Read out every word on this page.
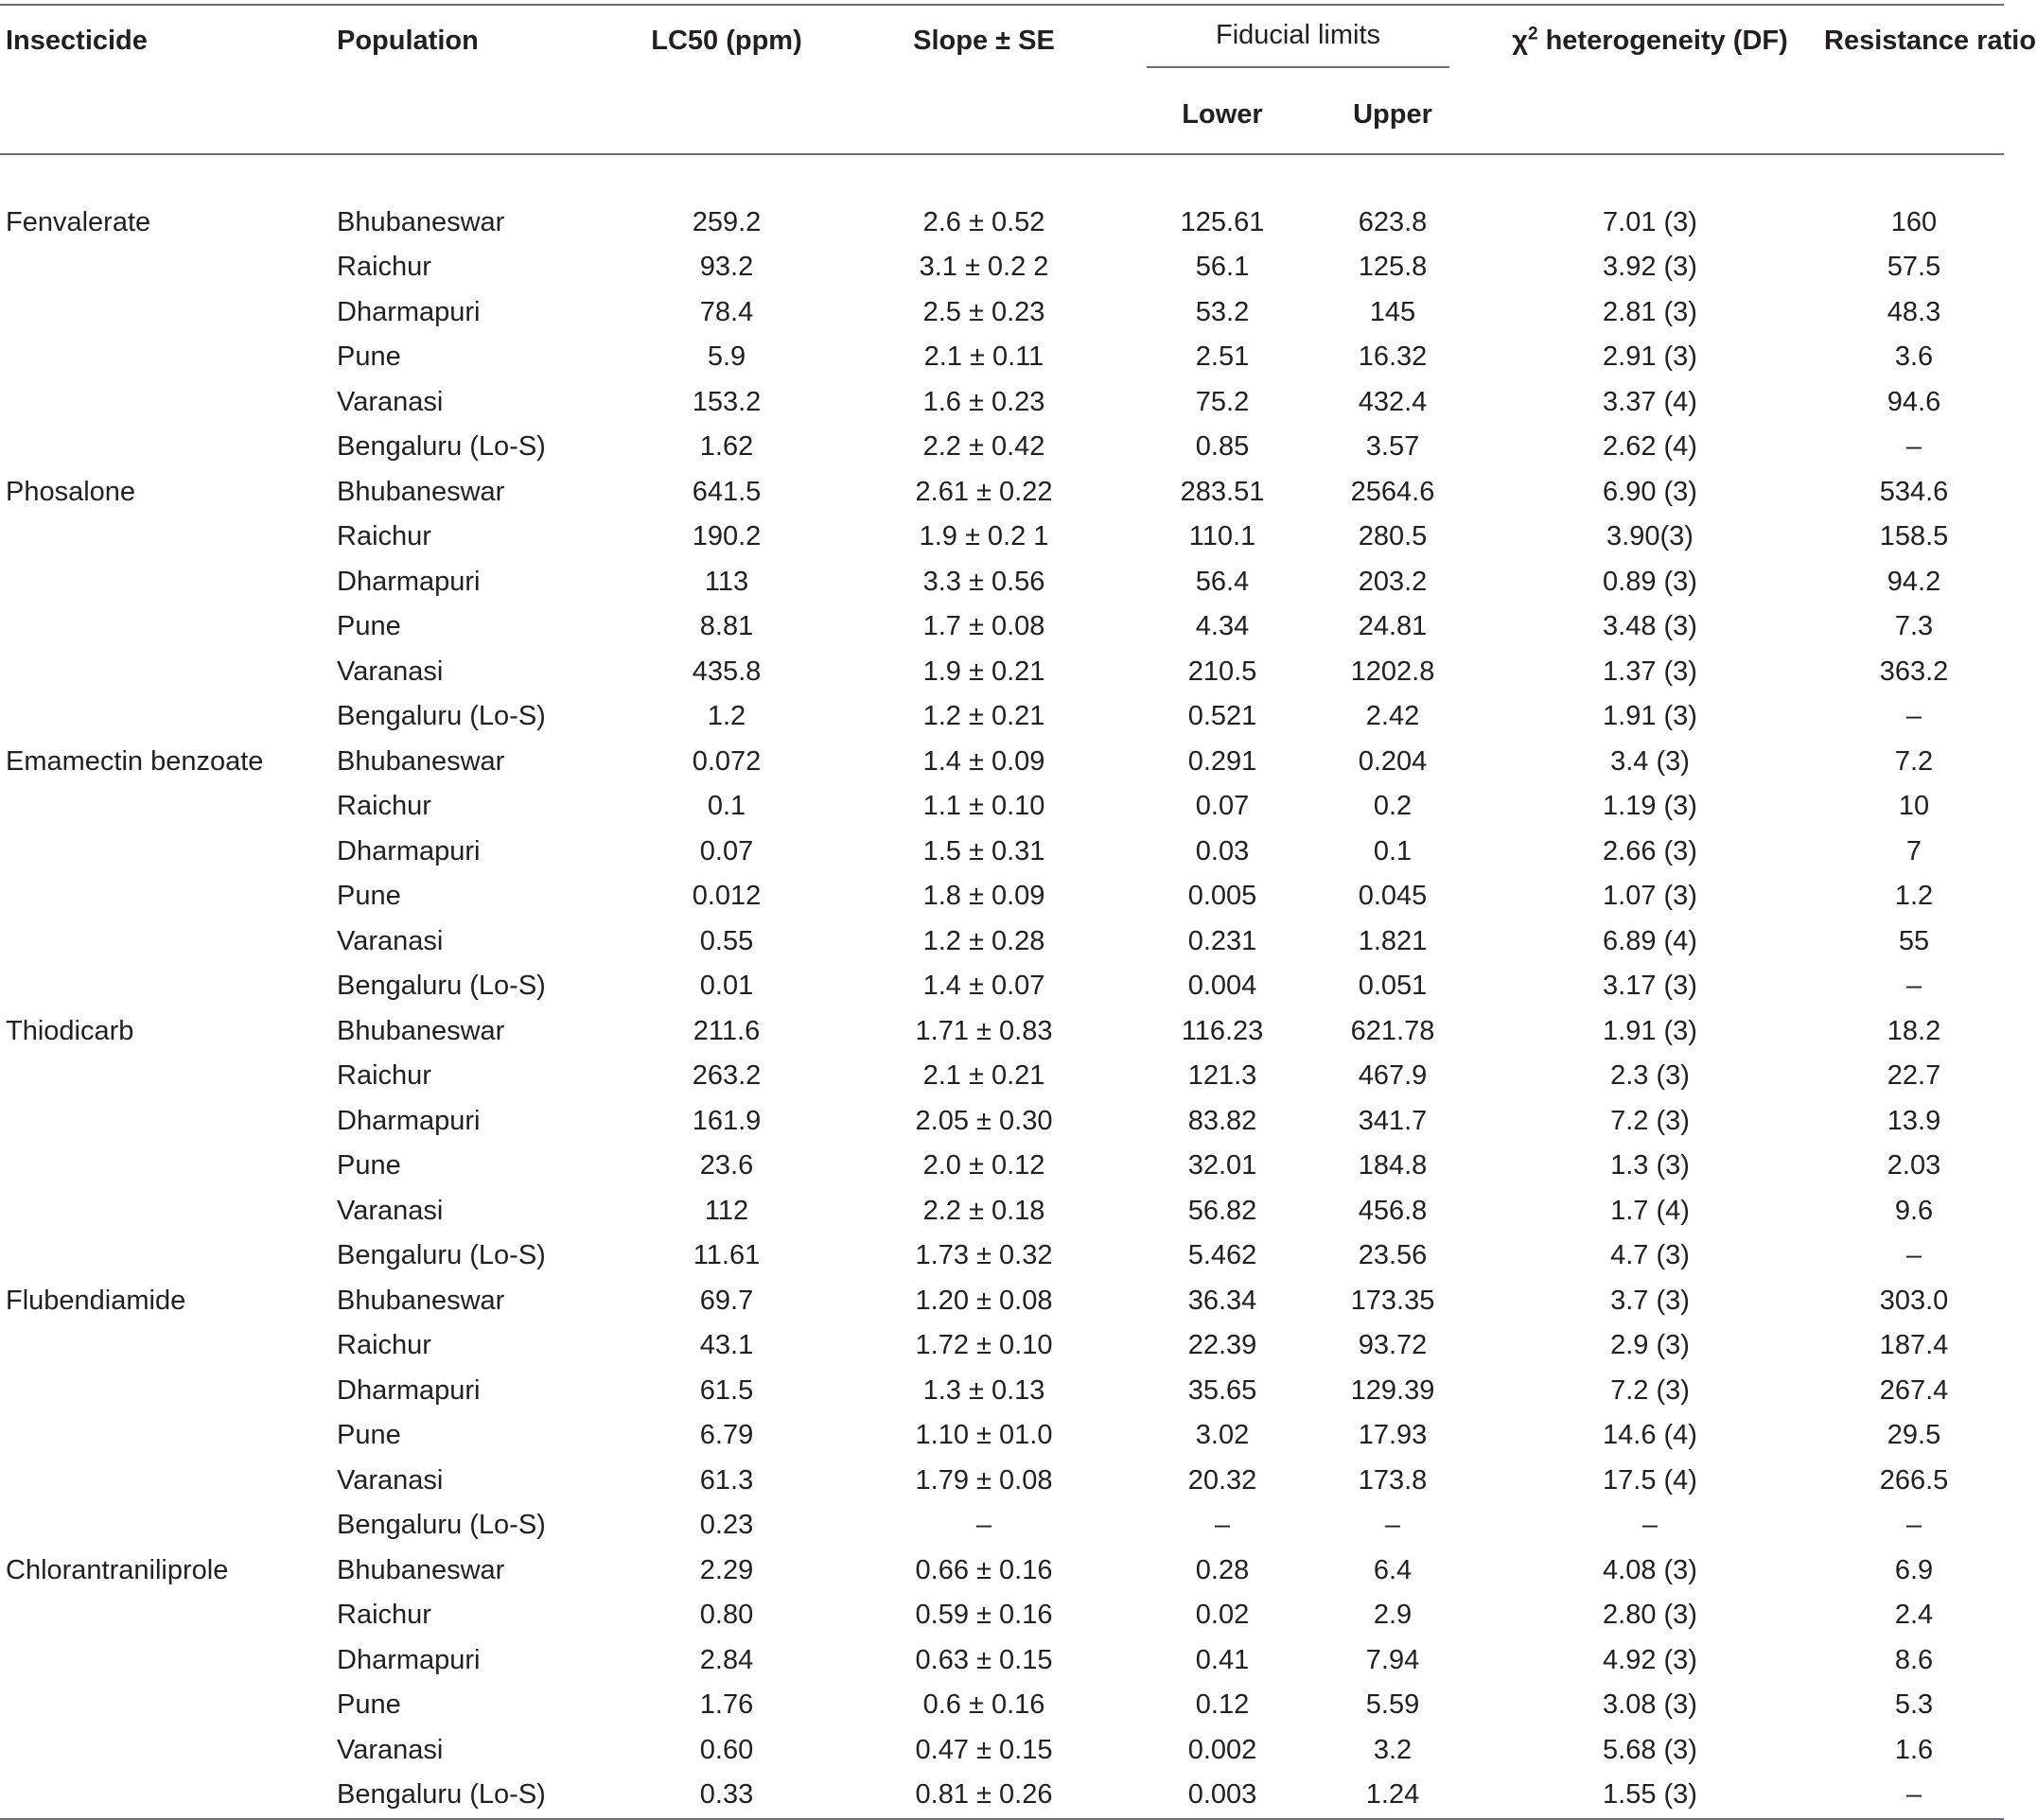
Insecticide	Population	LC50 (ppm)	Slope ± SE	Fiducial limits		$\chi^2$ heterogeneity (DF)	Resistance ratio
				Lower	Upper		

Fenvalerate	Bhubaneswar	259.2	2.6 ± 0.52	125.61	623.8	7.01 (3)	160
	Raichur	93.2	3.1 ± 0.2 2	56.1	125.8	3.92 (3)	57.5
	Dharmapuri	78.4	2.5 ± 0.23	53.2	145	2.81 (3)	48.3
	Pune	5.9	2.1 ± 0.11	2.51	16.32	2.91 (3)	3.6
	Varanasi	153.2	1.6 ± 0.23	75.2	432.4	3.37 (4)	94.6
	Bengaluru (Lo-S)	1.62	2.2 ± 0.42	0.85	3.57	2.62 (4)	–
Phosalone	Bhubaneswar	641.5	2.61 ± 0.22	283.51	2564.6	6.90 (3)	534.6
	Raichur	190.2	1.9 ± 0.2 1	110.1	280.5	3.90(3)	158.5
	Dharmapuri	113	3.3 ± 0.56	56.4	203.2	0.89 (3)	94.2
	Pune	8.81	1.7 ± 0.08	4.34	24.81	3.48 (3)	7.3
	Varanasi	435.8	1.9 ± 0.21	210.5	1202.8	1.37 (3)	363.2
	Bengaluru (Lo-S)	1.2	1.2 ± 0.21	0.521	2.42	1.91 (3)	–
Emamectin benzoate	Bhubaneswar	0.072	1.4 ± 0.09	0.291	0.204	3.4 (3)	7.2
	Raichur	0.1	1.1 ± 0.10	0.07	0.2	1.19 (3)	10
	Dharmapuri	0.07	1.5 ± 0.31	0.03	0.1	2.66 (3)	7
	Pune	0.012	1.8 ± 0.09	0.005	0.045	1.07 (3)	1.2
	Varanasi	0.55	1.2 ± 0.28	0.231	1.821	6.89 (4)	55
	Bengaluru (Lo-S)	0.01	1.4 ± 0.07	0.004	0.051	3.17 (3)	–
Thiodicarb	Bhubaneswar	211.6	1.71 ± 0.83	116.23	621.78	1.91 (3)	18.2
	Raichur	263.2	2.1 ± 0.21	121.3	467.9	2.3 (3)	22.7
	Dharmapuri	161.9	2.05 ± 0.30	83.82	341.7	7.2 (3)	13.9
	Pune	23.6	2.0 ± 0.12	32.01	184.8	1.3 (3)	2.03
	Varanasi	112	2.2 ± 0.18	56.82	456.8	1.7 (4)	9.6
	Bengaluru (Lo-S)	11.61	1.73 ± 0.32	5.462	23.56	4.7 (3)	–
Flubendiamide	Bhubaneswar	69.7	1.20 ± 0.08	36.34	173.35	3.7 (3)	303.0
	Raichur	43.1	1.72 ± 0.10	22.39	93.72	2.9 (3)	187.4
	Dharmapuri	61.5	1.3 ± 0.13	35.65	129.39	7.2 (3)	267.4
	Pune	6.79	1.10 ± 01.0	3.02	17.93	14.6 (4)	29.5
	Varanasi	61.3	1.79 ± 0.08	20.32	173.8	17.5 (4)	266.5
	Bengaluru (Lo-S)	0.23	–	–	–	–	–
Chlorantraniliprole	Bhubaneswar	2.29	0.66 ± 0.16	0.28	6.4	4.08 (3)	6.9
	Raichur	0.80	0.59 ± 0.16	0.02	2.9	2.80 (3)	2.4
	Dharmapuri	2.84	0.63 ± 0.15	0.41	7.94	4.92 (3)	8.6
	Pune	1.76	0.6 ± 0.16	0.12	5.59	3.08 (3)	5.3
	Varanasi	0.60	0.47 ± 0.15	0.002	3.2	5.68 (3)	1.6
	Bengaluru (Lo-S)	0.33	0.81 ± 0.26	0.003	1.24	1.55 (3)	–
